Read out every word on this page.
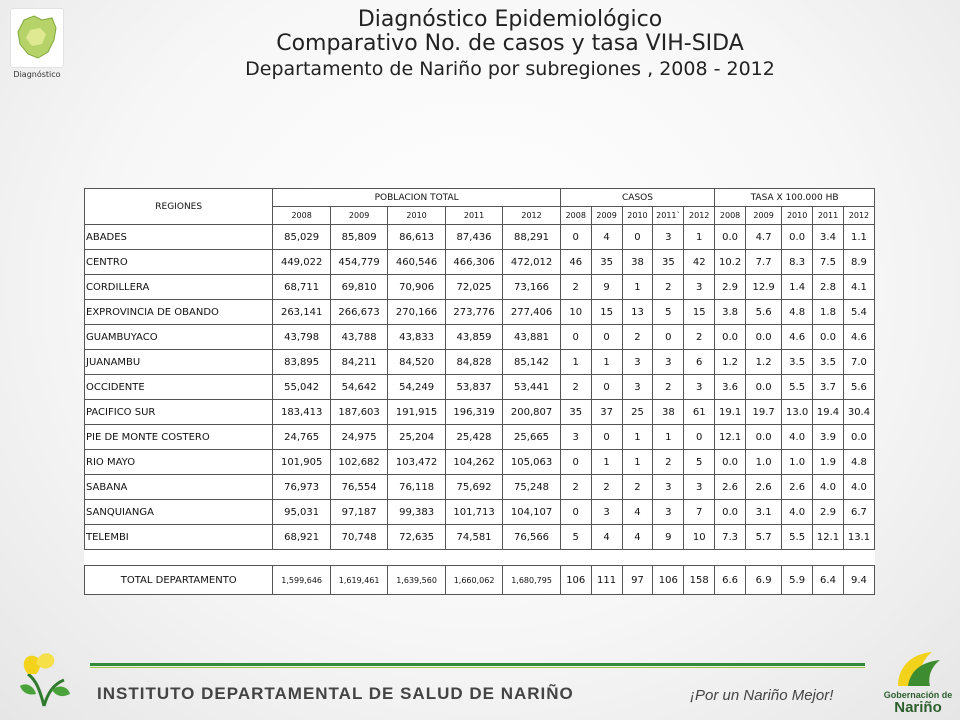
Diagnóstico
Diagnóstico Epidemiológico
Comparativo No. de casos y tasa VIH-SIDA
Departamento de Nariño por subregiones , 2008 - 2012
REGIONES	POBLACION TOTAL					CASOS					TASA X 100.000 HB				
	2008	2009	2010	2011	2012	2008	2009	2010	2011`	2012	2008	2009	2010	2011	2012
ABADES	85,029	85,809	86,613	87,436	88,291	0	4	0	3	1	0.0	4.7	0.0	3.4	1.1
CENTRO	449,022	454,779	460,546	466,306	472,012	46	35	38	35	42	10.2	7.7	8.3	7.5	8.9
CORDILLERA	68,711	69,810	70,906	72,025	73,166	2	9	1	2	3	2.9	12.9	1.4	2.8	4.1
EXPROVINCIA DE OBANDO	263,141	266,673	270,166	273,776	277,406	10	15	13	5	15	3.8	5.6	4.8	1.8	5.4
GUAMBUYACO	43,798	43,788	43,833	43,859	43,881	0	0	2	0	2	0.0	0.0	4.6	0.0	4.6
JUANAMBU	83,895	84,211	84,520	84,828	85,142	1	1	3	3	6	1.2	1.2	3.5	3.5	7.0
OCCIDENTE	55,042	54,642	54,249	53,837	53,441	2	0	3	2	3	3.6	0.0	5.5	3.7	5.6
PACIFICO SUR	183,413	187,603	191,915	196,319	200,807	35	37	25	38	61	19.1	19.7	13.0	19.4	30.4
PIE DE MONTE COSTERO	24,765	24,975	25,204	25,428	25,665	3	0	1	1	0	12.1	0.0	4.0	3.9	0.0
RIO MAYO	101,905	102,682	103,472	104,262	105,063	0	1	1	2	5	0.0	1.0	1.0	1.9	4.8
SABANA	76,973	76,554	76,118	75,692	75,248	2	2	2	3	3	2.6	2.6	2.6	4.0	4.0
SANQUIANGA	95,031	97,187	99,383	101,713	104,107	0	3	4	3	7	0.0	3.1	4.0	2.9	6.7
TELEMBI	68,921	70,748	72,635	74,581	76,566	5	4	4	9	10	7.3	5.7	5.5	12.1	13.1

TOTAL DEPARTAMENTO	1,599,646	1,619,461	1,639,560	1,660,062	1,680,795	106	111	97	106	158	6.6	6.9	5.9	6.4	9.4
INSTITUTO DEPARTAMENTAL DE SALUD DE NARIÑO	¡Por un Nariño Mejor!	Gobernación de
Nariño
